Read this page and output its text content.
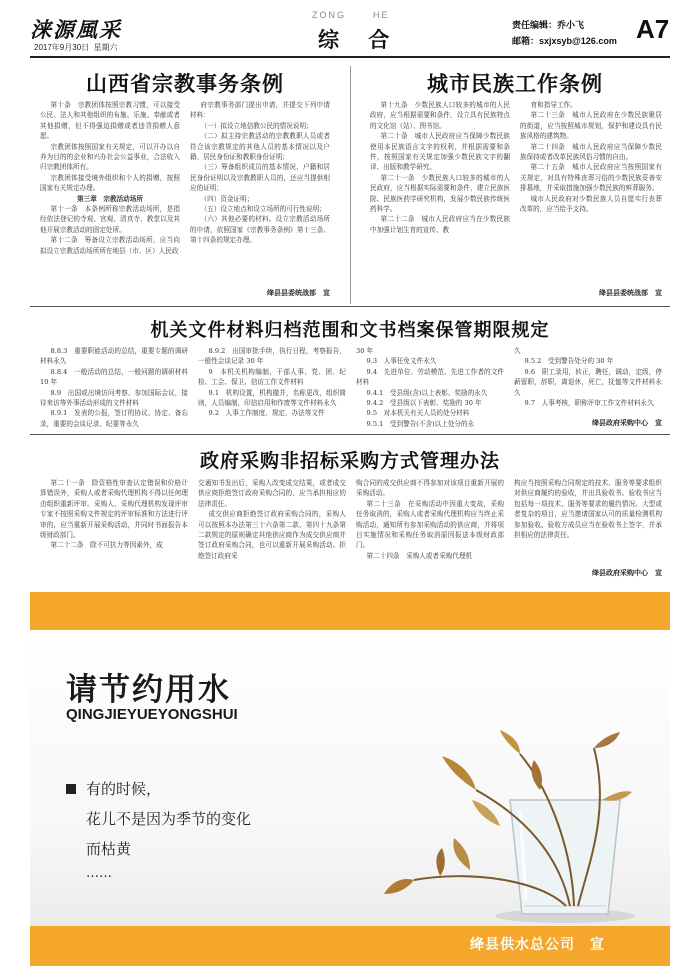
涞源風采
2017年9月30日  星期六
ZONG      HE
综    合
责任编辑：乔小飞
邮箱：sxjxsyb@126.com A7
山西省宗教事务条例

第十条　宗教团体按照宗教习惯，可以接受公民、法人和其他组织的布施、乐施、奉献或者其他捐赠，但不得强迫捐赠或者违背捐赠人意愿。

宗教团体按照国家有关规定，可以开办以自养为目的的企业和兴办社会公益事业，合法收入归宗教团体所有。

宗教团体接受境外组织和个人的捐赠，按照国家有关规定办理。

第三章　宗教活动场所

第十一条　本条例所称宗教活动场所，是指经依法登记的寺观、宫观、清真寺、教堂以及其他开展宗教活动的固定处所。

第十二条　筹备设立宗教活动场所，应当向拟设立宗教活动场所所在地县（市、区）人民政

府宗教事务部门提出申请，并提交下列申请材料：

（一）拟设立地信教公民的情况说明；

（二）拟主持宗教活动的宗教教职人员或者符合该宗教规定的其他人员的基本情况以及户籍、居民身份证和教职身份证明；

（三）筹备组织成员的基本情况、户籍和居民身份证明以及宗教教职人员的，还应当提供相应的证明；

（四）资金证明；

（五）设立地点和设立场所的可行性说明；

（六）其他必要的材料。设立宗教活动场所的申请，依照国家《宗教事务条例》第十三条、第十四条的规定办理。

绛县县委统战部　宣
城市民族工作条例

第十九条　少数民族人口较多的城市的人民政府，应当根据需要和条件，设立具有民族特点的文化馆（站）、图书馆。

第二十条　城市人民政府应当保障少数民族使用本民族语言文字的权利，并根据需要和条件，按照国家有关规定加强少数民族文字的翻译、出版和教学研究。

第二十一条　少数民族人口较多的城市的人民政府，应当根据实际需要和条件，建立民族医院、民族医药学研究机构，发展少数民族传统医药科学。

第二十二条　城市人民政府应当在少数民族中加强计划生育的宣传、教

育和指导工作。

第二十三条　城市人民政府在少数民族聚居的街道，应当按照城市规划，保护和建设具有民族风格的建筑物。

第二十四条　城市人民政府应当保障少数民族保持或者改革民族风俗习惯的自由。

第二十五条　城市人民政府应当按照国家有关规定，对具有特殊丧葬习俗的少数民族妥善安排墓地，并采取措施加强少数民族的殡葬服务。

城市人民政府对少数民族人员自愿实行丧葬改革的，应当给予支持。

绛县县委统战部　宣
机关文件材料归档范围和文书档案保管期限规定

8.8.3　重要职能活动的总结，重要专题的调研材料永久

8.8.4　一般活动的总结，一般问题的调研材料 10 年

8.9　出国或出境访问考察、参加国际会议，接待来访等外事活动形成的文件材料

8.9.1　发表的公报，签订的协议、协定、备忘录，重要的会谈记录、纪要等永久

8.9.2　出国审批手续，执行日程，考察报告，一般性会谈记录 30 年

9　本机关机构编制、干部人事、党、团、纪检、工会、保卫、信访工作文件材料

9.1　机构设置，机构撤并，名称更改，组织简则，人员编制，印信启用和作废等文件材料永久

9.2　人事工作制度、规定、办法等文件

30 年

9.3　人事任免文件永久

9.4　先进单位、劳动模范、先进工作者的文件材料

9.4.1　受县级(含)以上表彰、奖励的永久

9.4.2　受县级以下表彰、奖励的 30 年

9.5　对本机关有关人员的处分材料

9.5.1　受到警告(不含)以上处分的永

久

9.5.2　受到警告处分的 30 年

9.6　职工录用，转正，聘任，调动，定级，停薪留职，辞职，离退休，死亡，抚恤等文件材料永久

9.7　人事考核，职称评审工作文件材料永久

绛县政府采购中心　宣
政府采购非招标采购方式管理办法

第二十一条　除资格性审查认定错误和价格计算错误外，采购人或者采购代理机构不得以任何理由组织重新评审。采购人、采购代理机构发现评审专家不按照采购文件规定的评审标准和方法进行评审的，应当重新开展采购活动，并同时书面报告本级财政部门。

第二十二条　除不可抗力等因素外，成

交通知书发出后，采购人改变成交结果，或者成交供应商拒绝签订政府采购合同的，应当承担相应的法律责任。

成交供应商拒绝签订政府采购合同的，采购人可以按照本办法第三十六条第二款、第四十九条第二款规定的原则确定其他供应商作为成交供应商并签订政府采购合同，也可以重新开展采购活动。拒绝签订政府采

购合同的成交供应商不得参加对该项目重新开展的采购活动。

第二十三条　在采购活动中因重大变故，采购任务取消的，采购人或者采购代理机构应当终止采购活动，通知所有参加采购活动的供应商，并将项目实施情况和采购任务取消原因报送本级财政部门。

第二十四条　采购人或者采购代理机

构应当按照采购合同规定的技术、服务等要求组织对供应商履约的验收，并出具验收书。验收书应当包括每一项技术、服务等要求的履约情况。大型或者复杂的项目，应当邀请国家认可的质量检测机构参加验收。验收方成员应当在验收书上签字，并承担相应的法律责任。

绛县政府采购中心　宣
请节约用水
QINGJIEYUEYONGSHUI
有的时候，
花儿不是因为季节的变化
而枯黄
……
绛县供水总公司　宣
